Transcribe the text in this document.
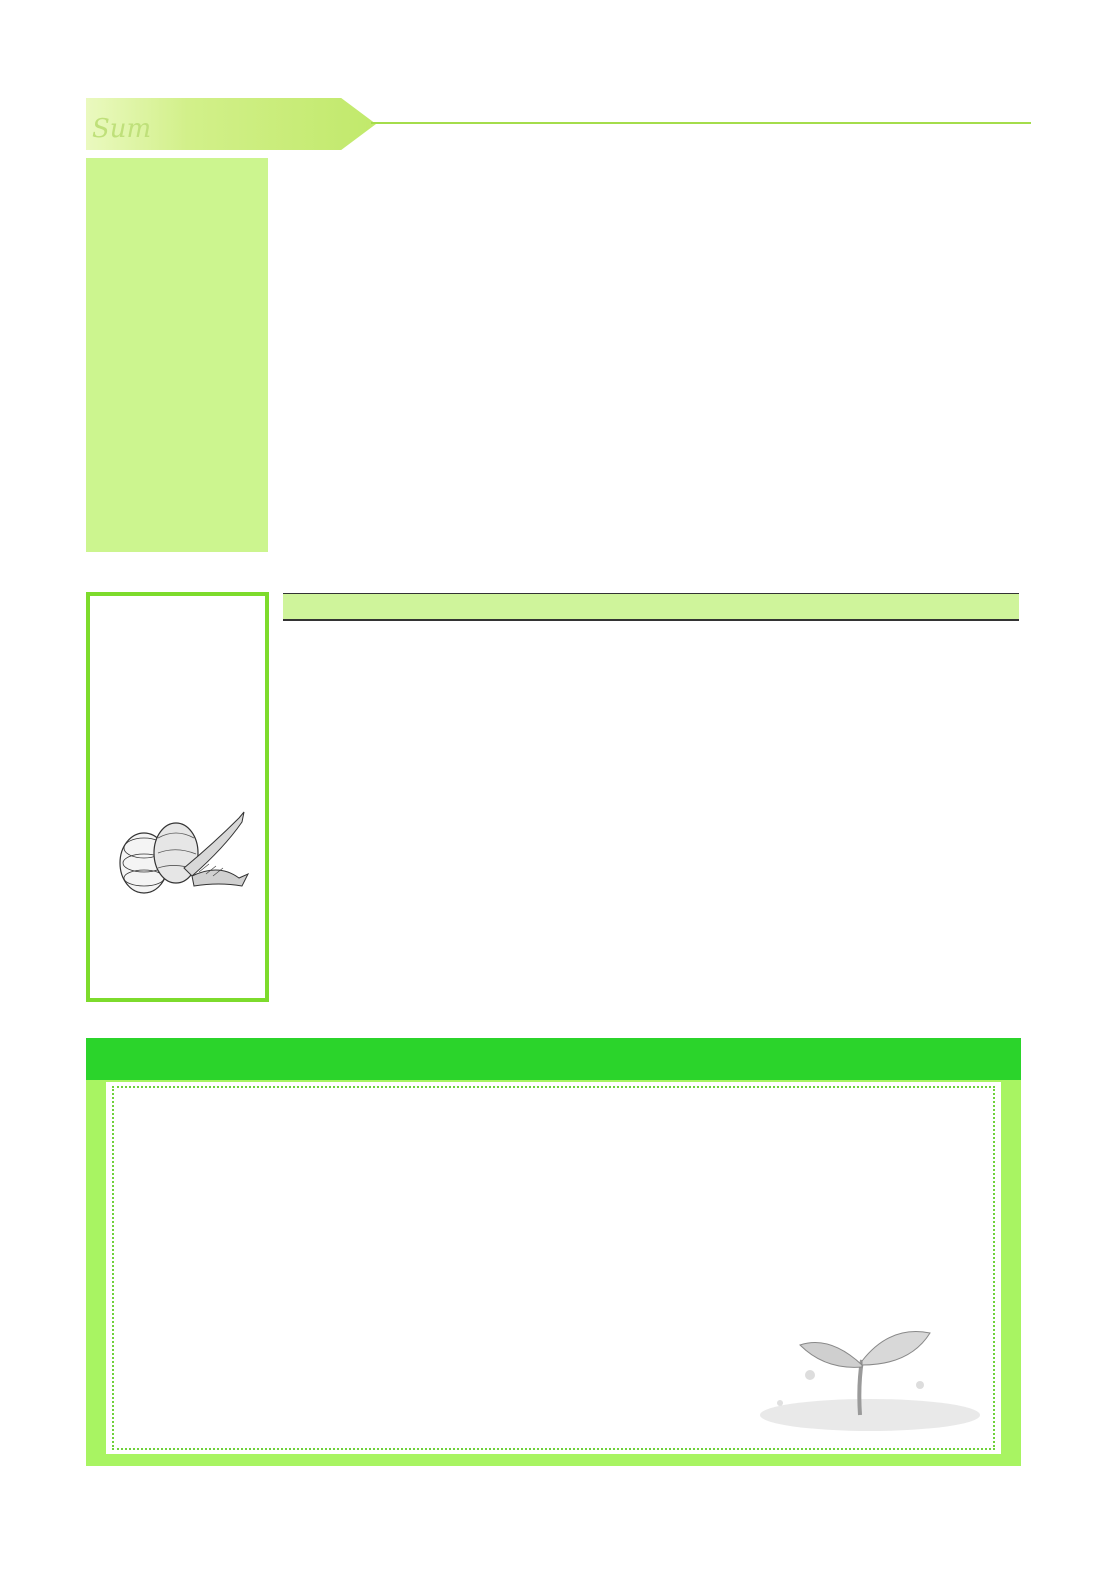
Sum
